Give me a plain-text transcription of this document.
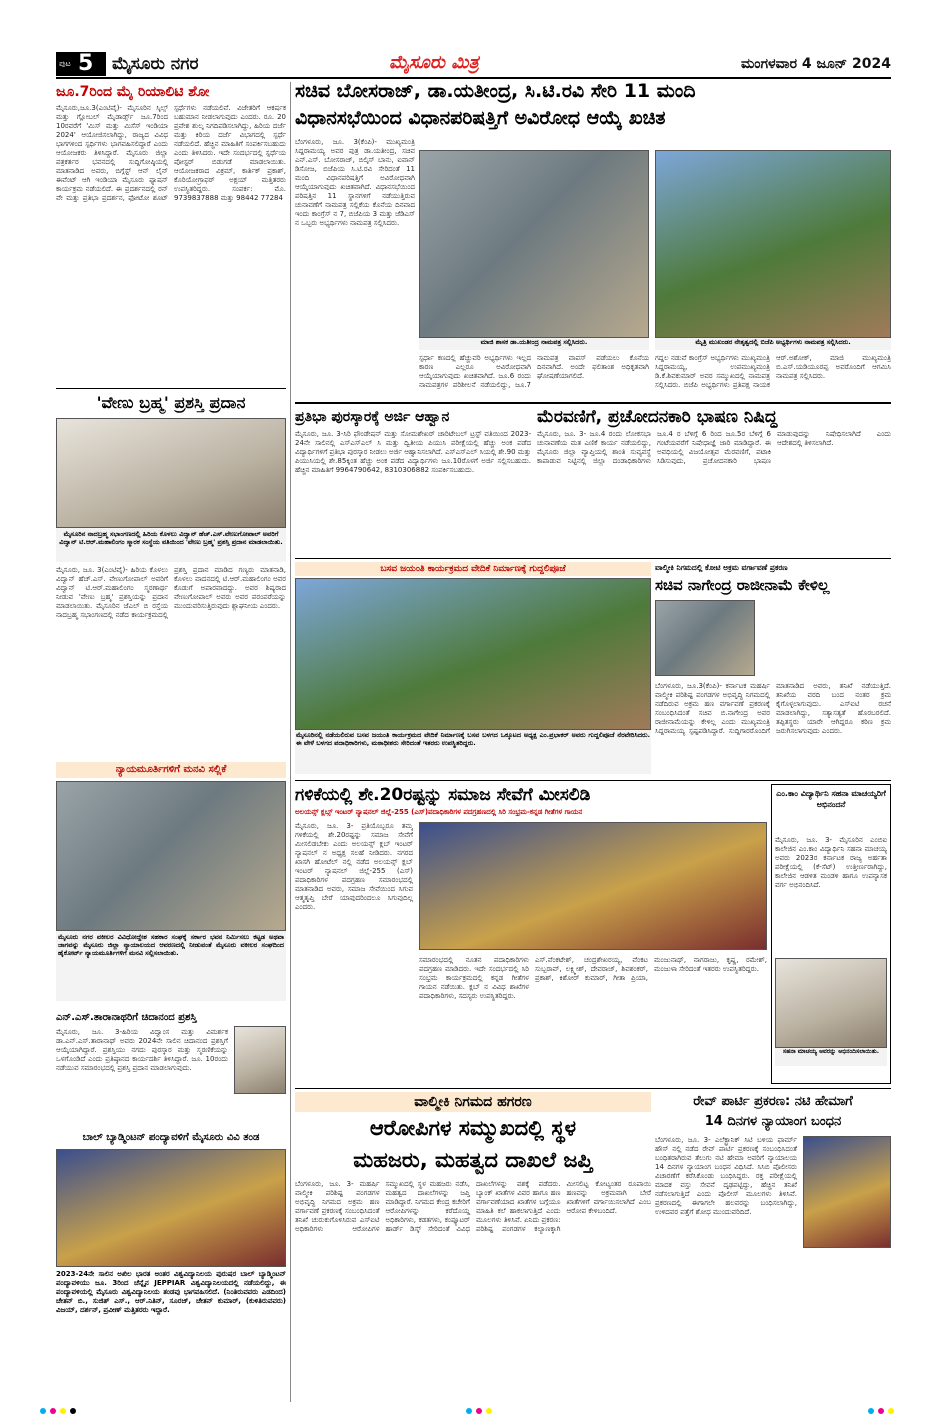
ಪುಟ 5 ಮೈಸೂರು ನಗರ	ಮೈಸೂರು ಮಿತ್ರ	ಮಂಗಳವಾರ 4 ಜೂನ್ 2024
ಜೂ.7ರಿಂದ ಮೈ ರಿಯಾಲಿಟಿ ಶೋ
ಮೈಸೂರು,ಜೂ.3(ಎಂಟಿವೈ)- ಮೈಸೂರಿನ ಸ್ಕಿಲ್ಸ್ ಮತ್ತು ಗ್ಲೋಬಲ್ ಮೈಡಾರ್ಡ್ಸ್ ಜೂ.7ರಿಂದ 10ರವರೆಗೆ 'ಮಿಸ್ ಮತ್ತು ಮಿಸೆಸ್ ಇಂಡಿಯಾ 2024' ಆಯೋಜಿಸಲಾಗಿದ್ದು, ರಾಜ್ಯದ ವಿವಿಧ ಭಾಗಗಳಿಂದ ಸ್ಪರ್ಧಿಗಳು ಭಾಗವಹಿಸಲಿದ್ದಾರೆ ಎಂದು ಆಯೋಜಕರು ತಿಳಿಸಿದ್ದಾರೆ. ಮೈಸೂರು ಜಿಲ್ಲಾ ಪತ್ರಕರ್ತರ ಭವನದಲ್ಲಿ ಸುದ್ದಿಗೋಷ್ಠಿಯಲ್ಲಿ ಮಾತನಾಡಿದ ಅವರು, ಬಿಗ್ಗೆಸ್ಟ್ ಆನ್ ಲೈನ್ ಈವೆಂಟ್ ಆಗಿ ಇಂಡಿಯಾ ಮೈಸೂರು ಫ್ಯಾಷನ್ ಕಾರ್ಯಕ್ರಮ ನಡೆಯಲಿದೆ. ಈ ಪ್ರದರ್ಶನದಲ್ಲಿ ರನ್ ವೇ ಮತ್ತು ಪ್ರತಿಭಾ ಪ್ರದರ್ಶನ, ಫೋಟೋ ಶೂಟ್ ಸ್ಪರ್ಧೆಗಳು ನಡೆಯಲಿವೆ. ವಿಜೇತರಿಗೆ ಆಕರ್ಷಕ ಬಹುಮಾನ ನೀಡಲಾಗುವುದು ಎಂದರು. ರೂ. 20 ಪ್ರವೇಶ ಶುಲ್ಕ ನಿಗದಿಪಡಿಸಲಾಗಿದ್ದು, ಹಿರಿಯ ದರ್ಜೆ ಮತ್ತು ಕಿರಿಯ ದರ್ಜೆ ವಿಭಾಗದಲ್ಲಿ ಸ್ಪರ್ಧೆ ನಡೆಯಲಿದೆ. ಹೆಚ್ಚಿನ ಮಾಹಿತಿಗೆ ಸಂಪರ್ಕಿಸಬಹುದು ಎಂದು ತಿಳಿಸಿದರು. ಇದೇ ಸಂದರ್ಭದಲ್ಲಿ ಸ್ಪರ್ಧೆಯ ಪೋಸ್ಟರ್ ಬಿಡುಗಡೆ ಮಾಡಲಾಯಿತು. ಆಯೋಜಕರಾದ ವಿಕ್ರಮ್, ಕಾರ್ತಿಕ್ ಪ್ರಕಾಶ್, ಕೊರಿಯೋಗ್ರಾಫರ್ ಅಕ್ಷಯ್ ಮತ್ತಿತರರು ಉಪಸ್ಥಿತರಿದ್ದರು. ಸಂಪರ್ಕ: ಮೊ. 9739837888 ಮತ್ತು 98442 77284
'ವೇಣು ಬ್ರಹ್ಮ' ಪ್ರಶಸ್ತಿ ಪ್ರದಾನ
ಮೈಸೂರಿನ ನಾದಬ್ರಹ್ಮ ಸಭಾಂಗಣದಲ್ಲಿ ಹಿರಿಯ ಕೊಳಲು ವಿದ್ವಾನ್ ಹೆಚ್.ಎಸ್.ವೇಣುಗೋಪಾಲ್ ಅವರಿಗೆ ವಿದ್ವಾನ್ ಟಿ.ಆರ್.ಮಹಾಲಿಂಗಂ ಸ್ಮಾರಕ ಸಂಸ್ಥೆಯ ವತಿಯಿಂದ 'ವೇಣು ಬ್ರಹ್ಮ' ಪ್ರಶಸ್ತಿ ಪ್ರದಾನ ಮಾಡಲಾಯಿತು.
ಮೈಸೂರು, ಜೂ. 3(ಎಂಟಿವೈ)- ಹಿರಿಯ ಕೊಳಲು ವಿದ್ವಾನ್ ಹೆಚ್.ಎಸ್. ವೇಣುಗೋಪಾಲ್ ಅವರಿಗೆ ವಿದ್ವಾನ್ ಟಿ.ಆರ್.ಮಹಾಲಿಂಗಂ ಸ್ಮರಣಾರ್ಥ ನೀಡುವ 'ವೇಣು ಬ್ರಹ್ಮ' ಪ್ರಶಸ್ತಿಯನ್ನು ಪ್ರದಾನ ಮಾಡಲಾಯಿತು. ಮೈಸೂರಿನ ಜೆಎಲ್ ಬಿ ರಸ್ತೆಯ ನಾದಬ್ರಹ್ಮ ಸಭಾಂಗಣದಲ್ಲಿ ನಡೆದ ಕಾರ್ಯಕ್ರಮದಲ್ಲಿ ಪ್ರಶಸ್ತಿ ಪ್ರದಾನ ಮಾಡಿದ ಗಣ್ಯರು ಮಾತನಾಡಿ, ಕೊಳಲು ವಾದನದಲ್ಲಿ ಟಿ.ಆರ್.ಮಹಾಲಿಂಗಂ ಅವರ ಕೊಡುಗೆ ಅಪಾರವಾದದ್ದು. ಅವರ ಶಿಷ್ಯರಾದ ವೇಣುಗೋಪಾಲ್ ಅವರು ಅವರ ಪರಂಪರೆಯನ್ನು ಮುಂದುವರಿಸುತ್ತಿರುವುದು ಶ್ಲಾಘನೀಯ ಎಂದರು.
ನ್ಯಾಯಮೂರ್ತಿಗಳಿಗೆ ಮನವಿ ಸಲ್ಲಿಕೆ
ಮೈಸೂರು ನಗರ ವಕೀಲರ ವಿವಿಧೋದ್ದೇಶ ಸಹಕಾರ ಸಂಘಕ್ಕೆ ಸರ್ಕಾರ ಭವನ ನಿರ್ಮಿಸಲು ಕಟ್ಟಡ ಅಥವಾ ಜಾಗವನ್ನು ಮೈಸೂರು ಜಿಲ್ಲಾ ನ್ಯಾಯಾಲಯದ ಆವರಣದಲ್ಲಿ ನೀಡುವಂತೆ ಮೈಸೂರು ವಕೀಲರ ಸಂಘದಿಂದ ಹೈಕೋರ್ಟ್ ನ್ಯಾಯಮೂರ್ತಿಗಳಿಗೆ ಮನವಿ ಸಲ್ಲಿಸಲಾಯಿತು.
ಎನ್.ಎಸ್.ತಾರಾನಾಥರಿಗೆ ಚಿದಾನಂದ ಪ್ರಶಸ್ತಿ
ಮೈಸೂರು, ಜೂ. 3-ಹಿರಿಯ ವಿದ್ವಾಂಸ ಮತ್ತು ವಿಮರ್ಶಕ ಡಾ.ಎನ್.ಎಸ್.ತಾರಾನಾಥ್ ಅವರು 2024ನೇ ಸಾಲಿನ ಚಿದಾನಂದ ಪ್ರಶಸ್ತಿಗೆ ಆಯ್ಕೆಯಾಗಿದ್ದಾರೆ. ಪ್ರಶಸ್ತಿಯು ನಗದು ಪುರಸ್ಕಾರ ಮತ್ತು ಸ್ಮರಣಿಕೆಯನ್ನು ಒಳಗೊಂಡಿದೆ ಎಂದು ಪ್ರತಿಷ್ಠಾನದ ಕಾರ್ಯದರ್ಶಿ ತಿಳಿಸಿದ್ದಾರೆ. ಜೂ. 10ರಂದು ನಡೆಯುವ ಸಮಾರಂಭದಲ್ಲಿ ಪ್ರಶಸ್ತಿ ಪ್ರದಾನ ಮಾಡಲಾಗುವುದು.
ಬಾಲ್ ಬ್ಯಾಡ್ಮಿಂಟನ್ ಪಂದ್ಯಾವಳಿಗೆ ಮೈಸೂರು ವಿವಿ ತಂಡ
2023-24ನೇ ಸಾಲಿನ ಅಖಿಲ ಭಾರತ ಅಂತರ ವಿಶ್ವವಿದ್ಯಾನಿಲಯ ಪುರುಷರ ಬಾಲ್ ಬ್ಯಾಡ್ಮಿಂಟನ್ ಪಂದ್ಯಾವಳಿಯು ಜೂ. 3ರಿಂದ ಚೆನ್ನೈನ JEPPIAR ವಿಶ್ವವಿದ್ಯಾನಿಲಯದಲ್ಲಿ ನಡೆಯಲಿದ್ದು, ಈ ಪಂದ್ಯಾವಳಿಯಲ್ಲಿ ಮೈಸೂರು ವಿಶ್ವವಿದ್ಯಾನಿಲಯ ತಂಡವು ಭಾಗವಹಿಸಲಿದೆ. (ನಿಂತಿರುವವರು ಎಡದಿಂದ) ಚೇತನ್ ಬಿ., ಸುಜಿತ್ ಎಸ್., ಆರ್.ನಿತಿನ್, ಸೂರಜ್, ಚೇತನ್ ಕುಮಾರ್, (ಕುಳಿತಿರುವವರು) ವಿಜಯ್, ದರ್ಶನ್, ಪ್ರವೀಣ್ ಮತ್ತಿತರರು ಇದ್ದಾರೆ.
ಸಚಿವ ಬೋಸರಾಜ್, ಡಾ.ಯತೀಂದ್ರ, ಸಿ.ಟಿ.ರವಿ ಸೇರಿ 11 ಮಂದಿ
ವಿಧಾನಸಭೆಯಿಂದ ವಿಧಾನಪರಿಷತ್ತಿಗೆ ಅವಿರೋಧ ಆಯ್ಕೆ ಖಚಿತ
ಬೆಂಗಳೂರು, ಜೂ. 3(ಕೆಂಪಿ)- ಮುಖ್ಯಮಂತ್ರಿ ಸಿದ್ದರಾಮಯ್ಯ ಅವರ ಪುತ್ರ ಡಾ.ಯತೀಂದ್ರ, ಸಚಿವ ಎನ್.ಎಸ್. ಬೋಸರಾಜ್, ಬಿಲ್ಕಿಸ್ ಬಾನು, ಐವಾನ್ ಡಿಸೋಜ, ಬಿಜೆಪಿಯ ಸಿ.ಟಿ.ರವಿ ಸೇರಿದಂತೆ 11 ಮಂದಿ ವಿಧಾನಪರಿಷತ್ತಿಗೆ ಅವಿರೋಧವಾಗಿ ಆಯ್ಕೆಯಾಗುವುದು ಖಚಿತವಾಗಿದೆ. ವಿಧಾನಸಭೆಯಿಂದ ಪರಿಷತ್ತಿನ 11 ಸ್ಥಾನಗಳಿಗೆ ನಡೆಯುತ್ತಿರುವ ಚುನಾವಣೆಗೆ ನಾಮಪತ್ರ ಸಲ್ಲಿಕೆಯ ಕೊನೆಯ ದಿನವಾದ ಇಂದು ಕಾಂಗ್ರೆಸ್ ನ 7, ಬಿಜೆಪಿಯ 3 ಮತ್ತು ಜೆಡಿಎಸ್ ನ ಒಬ್ಬರು ಅಭ್ಯರ್ಥಿಗಳು ನಾಮಪತ್ರ ಸಲ್ಲಿಸಿದರು.
ಮಾಜಿ ಶಾಸಕ ಡಾ.ಯತೀಂದ್ರ ನಾಮಪತ್ರ ಸಲ್ಲಿಸಿದರು.	ಮೈತ್ರಿ ಮುಖಂಡರ ನೇತೃತ್ವದಲ್ಲಿ ಬಿಜೆಪಿ ಅಭ್ಯರ್ಥಿಗಳು ನಾಮಪತ್ರ ಸಲ್ಲಿಸಿದರು.
ಸ್ಪರ್ಧಾ ಕಣದಲ್ಲಿ ಹೆಚ್ಚುವರಿ ಅಭ್ಯರ್ಥಿಗಳು ಇಲ್ಲದ ಕಾರಣ ಎಲ್ಲರೂ ಅವಿರೋಧವಾಗಿ ಆಯ್ಕೆಯಾಗುವುದು ಖಚಿತವಾಗಿದೆ. ಜೂ.6 ರಂದು ನಾಮಪತ್ರಗಳ ಪರಿಶೀಲನೆ ನಡೆಯಲಿದ್ದು, ಜೂ.7 ನಾಮಪತ್ರ ವಾಪಸ್ ಪಡೆಯಲು ಕೊನೆಯ ದಿನವಾಗಿದೆ. ಅಂದೇ ಫಲಿತಾಂಶ ಅಧಿಕೃತವಾಗಿ ಘೋಷಣೆಯಾಗಲಿದೆ.
ಗದ್ದಲ ನಡುವೆ ಕಾಂಗ್ರೆಸ್ ಅಭ್ಯರ್ಥಿಗಳು ಮುಖ್ಯಮಂತ್ರಿ ಸಿದ್ದರಾಮಯ್ಯ, ಉಪಮುಖ್ಯಮಂತ್ರಿ ಡಿ.ಕೆ.ಶಿವಕುಮಾರ್ ಅವರ ಸಮ್ಮುಖದಲ್ಲಿ ನಾಮಪತ್ರ ಸಲ್ಲಿಸಿದರು. ಬಿಜೆಪಿ ಅಭ್ಯರ್ಥಿಗಳು ಪ್ರತಿಪಕ್ಷ ನಾಯಕ ಆರ್.ಅಶೋಕ್, ಮಾಜಿ ಮುಖ್ಯಮಂತ್ರಿ ಬಿ.ಎಸ್.ಯಡಿಯೂರಪ್ಪ ಅವರೊಂದಿಗೆ ಆಗಮಿಸಿ ನಾಮಪತ್ರ ಸಲ್ಲಿಸಿದರು.
ಪ್ರತಿಭಾ ಪುರಸ್ಕಾರಕ್ಕೆ ಅರ್ಜಿ ಆಹ್ವಾನ
ಮೈಸೂರು, ಜೂ. 3-ಸಿರಿ ಫೌಂಡೇಷನ್ ಮತ್ತು ಸೋಮಶೇಖರ್ ಚಾರಿಟೇಬಲ್ ಟ್ರಸ್ಟ್ ವತಿಯಿಂದ 2023-24ನೇ ಸಾಲಿನಲ್ಲಿ ಎಸ್ಎಸ್ಎಲ್ ಸಿ ಮತ್ತು ದ್ವಿತೀಯ ಪಿಯುಸಿ ಪರೀಕ್ಷೆಯಲ್ಲಿ ಹೆಚ್ಚು ಅಂಕ ಪಡೆದ ವಿದ್ಯಾರ್ಥಿಗಳಿಗೆ ಪ್ರತಿಭಾ ಪುರಸ್ಕಾರ ನೀಡಲು ಅರ್ಜಿ ಆಹ್ವಾನಿಸಲಾಗಿದೆ. ಎಸ್ಎಸ್ಎಲ್ ಸಿಯಲ್ಲಿ ಶೇ.90 ಮತ್ತು ಪಿಯುಸಿಯಲ್ಲಿ ಶೇ.85ಕ್ಕಿಂತ ಹೆಚ್ಚು ಅಂಕ ಪಡೆದ ವಿದ್ಯಾರ್ಥಿಗಳು ಜೂ.10ರೊಳಗೆ ಅರ್ಜಿ ಸಲ್ಲಿಸಬಹುದು. ಹೆಚ್ಚಿನ ಮಾಹಿತಿಗೆ 9964790642, 8310306882 ಸಂಪರ್ಕಿಸಬಹುದು.
ಮೆರವಣಿಗೆ, ಪ್ರಚೋದನಕಾರಿ ಭಾಷಣ ನಿಷಿದ್ಧ
ಮೈಸೂರು, ಜೂ. 3- ಜೂ.4 ರಂದು ಲೋಕಸಭಾ ಚುನಾವಣೆಯ ಮತ ಎಣಿಕೆ ಕಾರ್ಯ ನಡೆಯಲಿದ್ದು, ಮೈಸೂರು ಜಿಲ್ಲಾ ವ್ಯಾಪ್ತಿಯಲ್ಲಿ ಶಾಂತಿ ಸುವ್ಯವಸ್ಥೆ ಕಾಪಾಡುವ ನಿಟ್ಟಿನಲ್ಲಿ ಜಿಲ್ಲಾ ದಂಡಾಧಿಕಾರಿಗಳು ಜೂ.4 ರ ಬೆಳಿಗ್ಗೆ 6 ರಿಂದ ಜೂ.5ರ ಬೆಳಿಗ್ಗೆ 6 ಗಂಟೆಯವರೆಗೆ ನಿಷೇಧಾಜ್ಞೆ ಜಾರಿ ಮಾಡಿದ್ದಾರೆ. ಈ ಅವಧಿಯಲ್ಲಿ ವಿಜಯೋತ್ಸವ ಮೆರವಣಿಗೆ, ಪಟಾಕಿ ಸಿಡಿಸುವುದು, ಪ್ರಚೋದನಕಾರಿ ಭಾಷಣ ಮಾಡುವುದನ್ನು ನಿಷೇಧಿಸಲಾಗಿದೆ ಎಂದು ಆದೇಶದಲ್ಲಿ ತಿಳಿಸಲಾಗಿದೆ.
ಬಸವ ಜಯಂತಿ ಕಾರ್ಯಕ್ರಮದ ವೇದಿಕೆ ನಿರ್ಮಾಣಕ್ಕೆ ಗುದ್ದಲಿಪೂಜೆ
ಮೈಸೂರಿನಲ್ಲಿ ನಡೆಯಲಿರುವ ಬಸವ ಜಯಂತಿ ಕಾರ್ಯಕ್ರಮದ ವೇದಿಕೆ ನಿರ್ಮಾಣಕ್ಕೆ ಬಸವ ಬಳಗದ ಒಕ್ಕೂಟದ ಅಧ್ಯಕ್ಷ ಎಂ.ಪ್ರಭಾಕರ್ ಅವರು ಗುದ್ದಲಿಪೂಜೆ ನೆರವೇರಿಸಿದರು. ಈ ವೇಳೆ ಬಳಗದ ಪದಾಧಿಕಾರಿಗಳು, ಮಠಾಧೀಶರು ಸೇರಿದಂತೆ ಇತರರು ಉಪಸ್ಥಿತರಿದ್ದರು.
ವಾಲ್ಮೀಕಿ ನಿಗಮದಲ್ಲಿ ಕೋಟಿ ಅಕ್ರಮ ವರ್ಗಾವಣೆ ಪ್ರಕರಣ
ಸಚಿವ ನಾಗೇಂದ್ರ ರಾಜೀನಾಮೆ ಕೇಳಿಲ್ಲ
ಬೆಂಗಳೂರು, ಜೂ.3(ಕೆಂಪಿ)- ಕರ್ನಾಟಕ ಮಹರ್ಷಿ ವಾಲ್ಮೀಕಿ ಪರಿಶಿಷ್ಟ ಪಂಗಡಗಳ ಅಭಿವೃದ್ಧಿ ನಿಗಮದಲ್ಲಿ ನಡೆದಿರುವ ಅಕ್ರಮ ಹಣ ವರ್ಗಾವಣೆ ಪ್ರಕರಣಕ್ಕೆ ಸಂಬಂಧಿಸಿದಂತೆ ಸಚಿವ ಬಿ.ನಾಗೇಂದ್ರ ಅವರ ರಾಜೀನಾಮೆಯನ್ನು ಕೇಳಿಲ್ಲ ಎಂದು ಮುಖ್ಯಮಂತ್ರಿ ಸಿದ್ದರಾಮಯ್ಯ ಸ್ಪಷ್ಟಪಡಿಸಿದ್ದಾರೆ. ಸುದ್ದಿಗಾರರೊಂದಿಗೆ ಮಾತನಾಡಿದ ಅವರು, ತನಿಖೆ ನಡೆಯುತ್ತಿದೆ. ತನಿಖೆಯ ವರದಿ ಬಂದ ನಂತರ ಕ್ರಮ ಕೈಗೊಳ್ಳಲಾಗುವುದು. ಎಸ್ಐಟಿ ರಚನೆ ಮಾಡಲಾಗಿದ್ದು, ಸತ್ಯಾಸತ್ಯತೆ ಹೊರಬರಲಿದೆ. ತಪ್ಪಿತಸ್ಥರು ಯಾರೇ ಆಗಿದ್ದರೂ ಕಠಿಣ ಕ್ರಮ ಜರುಗಿಸಲಾಗುವುದು ಎಂದರು.
ಗಳಿಕೆಯಲ್ಲಿ ಶೇ.20ರಷ್ಟನ್ನು ಸಮಾಜ ಸೇವೆಗೆ ಮೀಸಲಿಡಿ
ಅಲಯನ್ಸ್ ಕ್ಲಬ್ಸ್ ಇಂಟರ್ ನ್ಯಾಷನಲ್ ಜಿಲ್ಲೆ-255 (ಎಸ್)ಪದಾಧಿಕಾರಿಗಳ ಪದಗ್ರಹಣದಲ್ಲಿ ಸಿರಿ ಸಂಭ್ರಮ-ಕನ್ನಡ ಗೀತೆಗಳ ಗಾಯನ
ಮೈಸೂರು, ಜೂ. 3- ಪ್ರತಿಯೊಬ್ಬರೂ ತಮ್ಮ ಗಳಿಕೆಯಲ್ಲಿ ಶೇ.20ರಷ್ಟನ್ನು ಸಮಾಜ ಸೇವೆಗೆ ಮೀಸಲಿಡಬೇಕು ಎಂದು ಅಲಯನ್ಸ್ ಕ್ಲಬ್ ಇಂಟರ್ ನ್ಯಾಷನಲ್ ನ ಅಧ್ಯಕ್ಷ ಸಲಹೆ ನೀಡಿದರು. ನಗರದ ಖಾಸಗಿ ಹೋಟೆಲ್ ನಲ್ಲಿ ನಡೆದ ಅಲಯನ್ಸ್ ಕ್ಲಬ್ ಇಂಟರ್ ನ್ಯಾಷನಲ್ ಜಿಲ್ಲೆ-255 (ಎಸ್) ಪದಾಧಿಕಾರಿಗಳ ಪದಗ್ರಹಣ ಸಮಾರಂಭದಲ್ಲಿ ಮಾತನಾಡಿದ ಅವರು, ಸಮಾಜ ಸೇವೆಯಿಂದ ಸಿಗುವ ಆತ್ಮತೃಪ್ತಿ ಬೇರೆ ಯಾವುದರಿಂದಲೂ ಸಿಗುವುದಿಲ್ಲ ಎಂದರು.
ಸಮಾರಂಭದಲ್ಲಿ ನೂತನ ಪದಾಧಿಕಾರಿಗಳು ಪದಗ್ರಹಣ ಮಾಡಿದರು. ಇದೇ ಸಂದರ್ಭದಲ್ಲಿ ಸಿರಿ ಸಂಭ್ರಮ ಕಾರ್ಯಕ್ರಮದಲ್ಲಿ ಕನ್ನಡ ಗೀತೆಗಳ ಗಾಯನ ನಡೆಯಿತು. ಕ್ಲಬ್ ನ ವಿವಿಧ ಶಾಖೆಗಳ ಪದಾಧಿಕಾರಿಗಳು, ಸದಸ್ಯರು ಉಪಸ್ಥಿತರಿದ್ದರು.
ಎಸ್.ವೆಂಕಟೇಶ್, ಚಂದ್ರಶೇಖರಯ್ಯ, ವೆಂಕಟ ಸುಬ್ಬರಾವ್, ಲಕ್ಷ್ಮೀಶ್, ದೇವರಾಜ್, ಶಿವಶಂಕರ್, ಪ್ರಕಾಶ್, ಕಿಶೋರ್ ಕುಮಾರ್, ಗೀತಾ ಪ್ರಿಯಾ, ಮಂಜುನಾಥ್, ನಾಗರಾಜು, ಕೃಷ್ಣ, ರಮೇಶ್, ಮಂಜುಳಾ ಸೇರಿದಂತೆ ಇತರರು ಉಪಸ್ಥಿತರಿದ್ದರು.
ಎಂ.ಕಾಂ ವಿದ್ಯಾರ್ಥಿನಿ ಸಹನಾ ಮಾಚಯ್ಯರಿಗೆ ಅಭಿನಂದನೆ
ಮೈಸೂರು, ಜೂ. 3- ಮೈಸೂರಿನ ಎಂಬಿಐ ಕಾಲೇಜಿನ ಎಂ.ಕಾಂ ವಿದ್ಯಾರ್ಥಿನಿ ಸಹನಾ ಮಾಚಯ್ಯ ಅವರು 2023ರ ಕರ್ನಾಟಕ ರಾಜ್ಯ ಅರ್ಹತಾ ಪರೀಕ್ಷೆಯಲ್ಲಿ (ಕೆ-ಸೆಟ್) ಉತ್ತೀರ್ಣರಾಗಿದ್ದು, ಕಾಲೇಜಿನ ಆಡಳಿತ ಮಂಡಳಿ ಹಾಗೂ ಉಪನ್ಯಾಸಕ ವರ್ಗ ಅಭಿನಂದಿಸಿದೆ.
ಸಹನಾ ಮಾಚಯ್ಯ ಅವರನ್ನು ಅಭಿನಂದಿಸಲಾಯಿತು.
ವಾಲ್ಮೀಕಿ ನಿಗಮದ ಹಗರಣ
ಆರೋಪಿಗಳ ಸಮ್ಮುಖದಲ್ಲಿ ಸ್ಥಳ
ಮಹಜರು, ಮಹತ್ವದ ದಾಖಲೆ ಜಪ್ತಿ
ಬೆಂಗಳೂರು, ಜೂ. 3- ಮಹರ್ಷಿ ವಾಲ್ಮೀಕಿ ಪರಿಶಿಷ್ಟ ಪಂಗಡಗಳ ಅಭಿವೃದ್ಧಿ ನಿಗಮದ ಅಕ್ರಮ ಹಣ ವರ್ಗಾವಣೆ ಪ್ರಕರಣಕ್ಕೆ ಸಂಬಂಧಿಸಿದಂತೆ ತನಿಖೆ ಚುರುಕುಗೊಳಿಸಿರುವ ಎಸ್ಐಟಿ ಅಧಿಕಾರಿಗಳು ಆರೋಪಿಗಳ ಸಮ್ಮುಖದಲ್ಲಿ ಸ್ಥಳ ಮಹಜರು ನಡೆಸಿ, ಮಹತ್ವದ ದಾಖಲೆಗಳನ್ನು ಜಪ್ತಿ ಮಾಡಿದ್ದಾರೆ. ನಿಗಮದ ಕೇಂದ್ರ ಕಚೇರಿಗೆ ಆರೋಪಿಗಳನ್ನು ಕರೆದೊಯ್ದ ಅಧಿಕಾರಿಗಳು, ಕಡತಗಳು, ಕಂಪ್ಯೂಟರ್ ಹಾರ್ಡ್ ಡಿಸ್ಕ್ ಸೇರಿದಂತೆ ವಿವಿಧ ದಾಖಲೆಗಳನ್ನು ವಶಕ್ಕೆ ಪಡೆದರು. ಬ್ಯಾಂಕ್ ಖಾತೆಗಳ ವಿವರ ಹಾಗೂ ಹಣ ವರ್ಗಾವಣೆಯಾದ ಖಾತೆಗಳ ಬಗ್ಗೆಯೂ ಮಾಹಿತಿ ಕಲೆ ಹಾಕಲಾಗುತ್ತಿದೆ ಎಂದು ಮೂಲಗಳು ತಿಳಿಸಿವೆ. ಏನಿದು ಪ್ರಕರಣ: ಪರಿಶಿಷ್ಟ ಪಂಗಡಗಳ ಕಲ್ಯಾಣಕ್ಕಾಗಿ ಮೀಸಲಿಟ್ಟ ಕೋಟ್ಯಂತರ ರೂಪಾಯಿ ಹಣವನ್ನು ಅಕ್ರಮವಾಗಿ ಬೇರೆ ಖಾತೆಗಳಿಗೆ ವರ್ಗಾಯಿಸಲಾಗಿದೆ ಎಂಬ ಆರೋಪ ಕೇಳಿಬಂದಿದೆ.
ರೇವ್ ಪಾರ್ಟಿ ಪ್ರಕರಣ: ನಟಿ ಹೇಮಾಗೆ
14 ದಿನಗಳ ನ್ಯಾಯಾಂಗ ಬಂಧನ
ಬೆಂಗಳೂರು, ಜೂ. 3- ಎಲೆಕ್ಟ್ರಾನಿಕ್ ಸಿಟಿ ಬಳಿಯ ಫಾರ್ಮ್ ಹೌಸ್ ನಲ್ಲಿ ನಡೆದ ರೇವ್ ಪಾರ್ಟಿ ಪ್ರಕರಣಕ್ಕೆ ಸಂಬಂಧಿಸಿದಂತೆ ಬಂಧಿತರಾಗಿರುವ ತೆಲುಗು ನಟಿ ಹೇಮಾ ಅವರಿಗೆ ನ್ಯಾಯಾಲಯ 14 ದಿನಗಳ ನ್ಯಾಯಾಂಗ ಬಂಧನ ವಿಧಿಸಿದೆ. ಸಿಸಿಬಿ ಪೊಲೀಸರು ವಿಚಾರಣೆಗೆ ಕರೆಸಿಕೊಂಡು ಬಂಧಿಸಿದ್ದರು. ರಕ್ತ ಪರೀಕ್ಷೆಯಲ್ಲಿ ಮಾದಕ ವಸ್ತು ಸೇವನೆ ದೃಢಪಟ್ಟಿದ್ದು, ಹೆಚ್ಚಿನ ತನಿಖೆ ನಡೆಸಲಾಗುತ್ತಿದೆ ಎಂದು ಪೊಲೀಸ್ ಮೂಲಗಳು ತಿಳಿಸಿವೆ. ಪ್ರಕರಣದಲ್ಲಿ ಈಗಾಗಲೇ ಹಲವರನ್ನು ಬಂಧಿಸಲಾಗಿದ್ದು, ಉಳಿದವರ ಪತ್ತೆಗೆ ಶೋಧ ಮುಂದುವರಿದಿದೆ.
